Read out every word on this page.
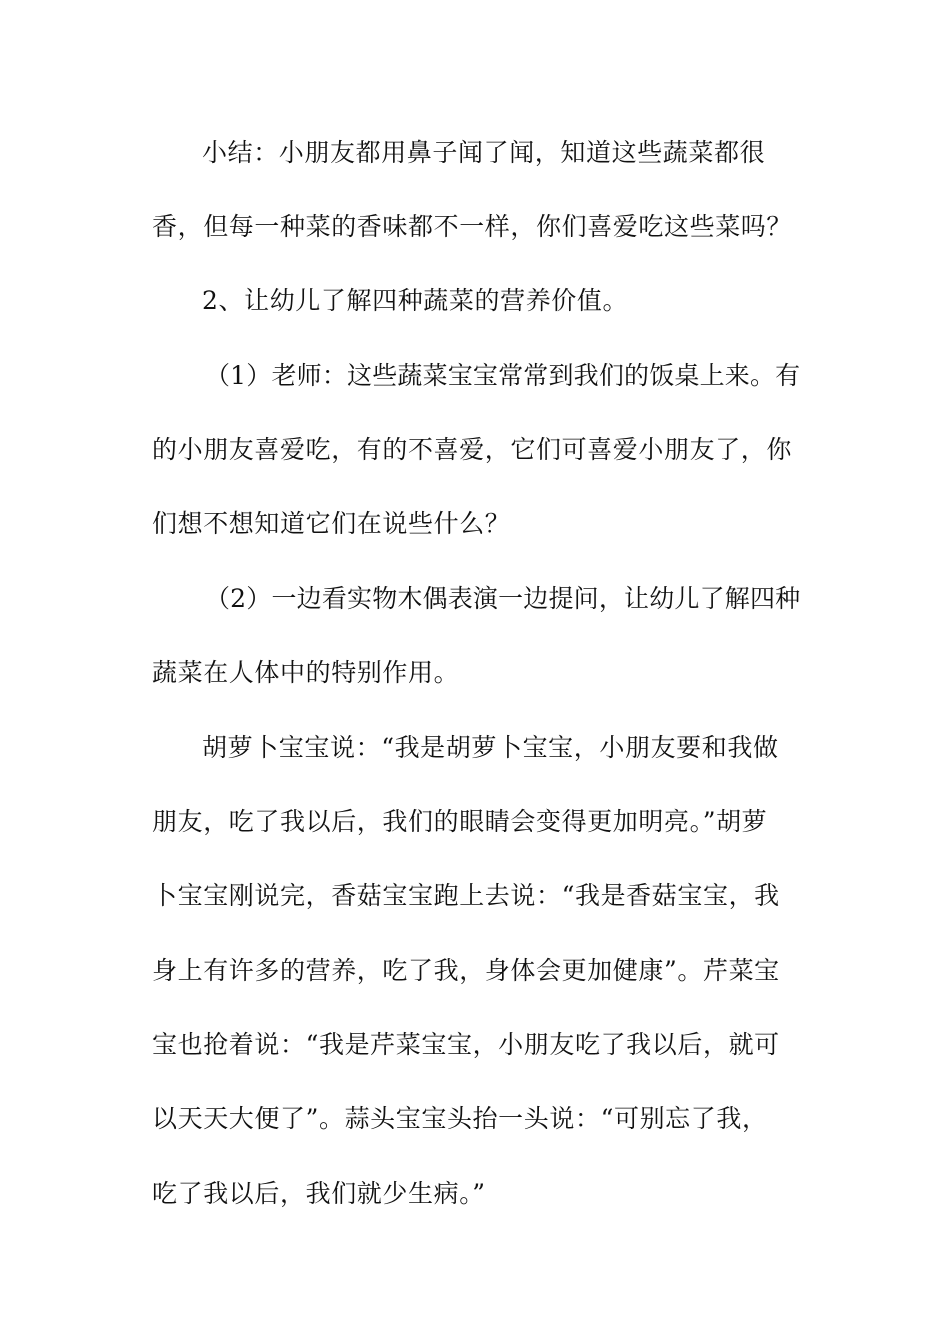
小结：小朋友都用鼻子闻了闻，知道这些蔬菜都很
香，但每一种菜的香味都不一样，你们喜爱吃这些菜吗？
2、让幼儿了解四种蔬菜的营养价值。
（1）老师：这些蔬菜宝宝常常到我们的饭桌上来。有
的小朋友喜爱吃，有的不喜爱，它们可喜爱小朋友了，你
们想不想知道它们在说些什么？
（2）一边看实物木偶表演一边提问，让幼儿了解四种
蔬菜在人体中的特别作用。
胡萝卜宝宝说：“我是胡萝卜宝宝，小朋友要和我做
朋友，吃了我以后，我们的眼睛会变得更加明亮。”胡萝
卜宝宝刚说完，香菇宝宝跑上去说：“我是香菇宝宝，我
身上有许多的营养，吃了我，身体会更加健康”。芹菜宝
宝也抢着说：“我是芹菜宝宝，小朋友吃了我以后，就可
以天天大便了”。蒜头宝宝头抬一头说：“可别忘了我，
吃了我以后，我们就少生病。”
